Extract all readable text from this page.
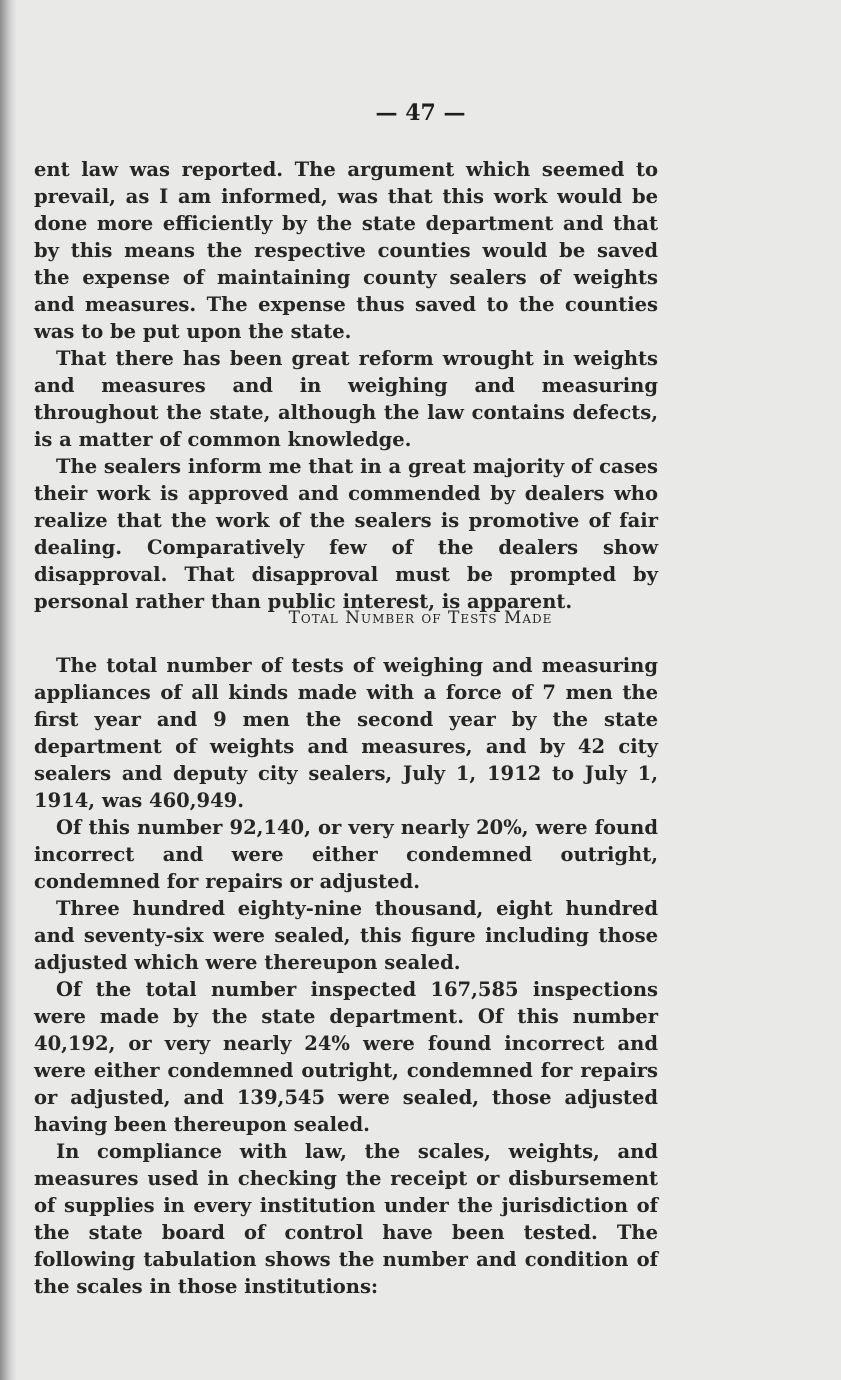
— 47 —

ent law was reported. The argument which seemed to prevail, as I am informed, was that this work would be done more efficiently by the state department and that by this means the respective counties would be saved the expense of maintaining county sealers of weights and measures. The expense thus saved to the counties was to be put upon the state.

That there has been great reform wrought in weights and measures and in weighing and measuring throughout the state, although the law contains defects, is a matter of common knowledge.

The sealers inform me that in a great majority of cases their work is approved and commended by dealers who realize that the work of the sealers is promotive of fair dealing. Comparatively few of the dealers show disapproval. That disapproval must be prompted by personal rather than public interest, is apparent.

Total Number of Tests Made

The total number of tests of weighing and measuring appliances of all kinds made with a force of 7 men the first year and 9 men the second year by the state department of weights and measures, and by 42 city sealers and deputy city sealers, July 1, 1912 to July 1, 1914, was 460,949.

Of this number 92,140, or very nearly 20%, were found incorrect and were either condemned outright, condemned for repairs or adjusted.

Three hundred eighty-nine thousand, eight hundred and seventy-six were sealed, this figure including those adjusted which were thereupon sealed.

Of the total number inspected 167,585 inspections were made by the state department. Of this number 40,192, or very nearly 24% were found incorrect and were either condemned outright, condemned for repairs or adjusted, and 139,545 were sealed, those adjusted having been thereupon sealed.

In compliance with law, the scales, weights, and measures used in checking the receipt or disbursement of supplies in every institution under the jurisdiction of the state board of control have been tested. The following tabulation shows the number and condition of the scales in those institutions:
